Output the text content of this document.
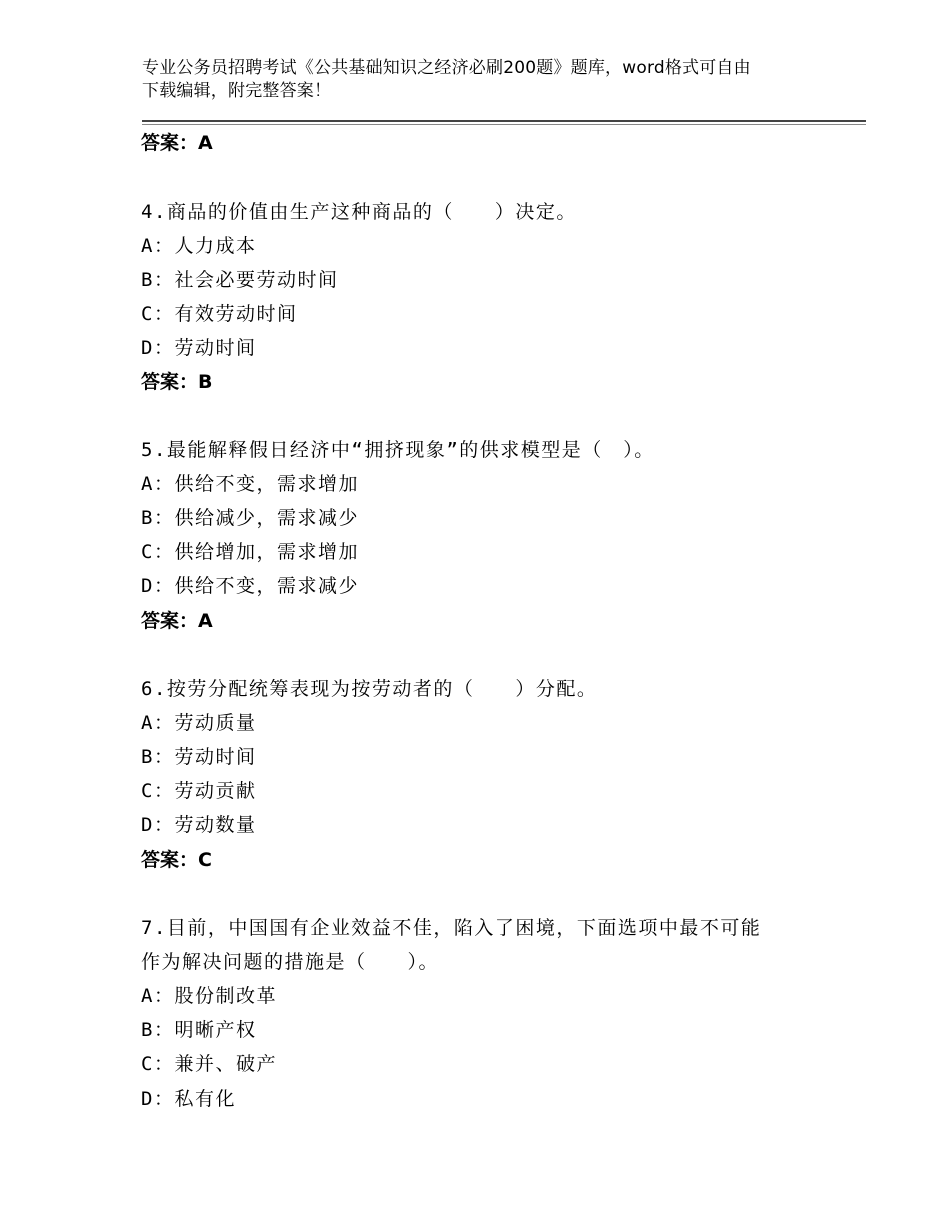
专业公务员招聘考试《公共基础知识之经济必刷200题》题库，word格式可自由
下载编辑，附完整答案！
答案：A
4.商品的价值由生产这种商品的（　　）决定。
A：人力成本
B：社会必要劳动时间
C：有效劳动时间
D：劳动时间
答案：B
5.最能解释假日经济中“拥挤现象”的供求模型是（　）。
A：供给不变，需求增加
B：供给减少，需求减少
C：供给增加，需求增加
D：供给不变，需求减少
答案：A
6.按劳分配统筹表现为按劳动者的（　　）分配。
A：劳动质量
B：劳动时间
C：劳动贡献
D：劳动数量
答案：C
7.目前，中国国有企业效益不佳，陷入了困境，下面选项中最不可能
作为解决问题的措施是（　　）。
A：股份制改革
B：明晰产权
C：兼并、破产
D：私有化
